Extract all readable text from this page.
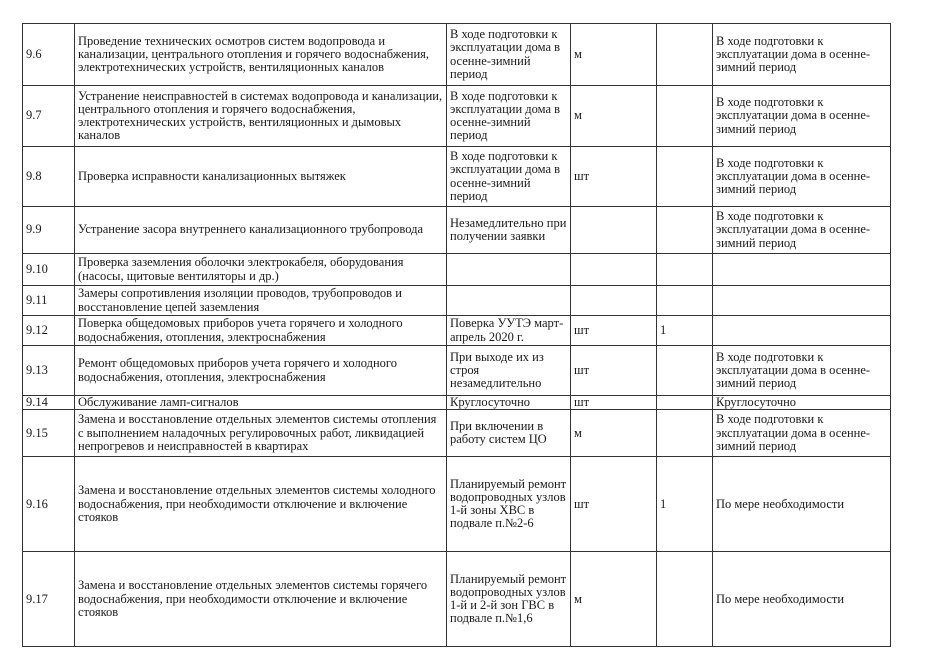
9.6	Проведение технических осмотров систем водопровода и канализации, центрального отопления и горячего водоснабжения, электротехнических устройств, вентиляционных каналов	В ходе подготовки к эксплуатации дома в осенне-зимний период	м		В ходе подготовки к эксплуатации дома в осенне-зимний период
9.7	Устранение неисправностей в системах водопровода и канализации, центрального отопления и горячего водоснабжения, электротехнических устройств, вентиляционных и дымовых каналов	В ходе подготовки к эксплуатации дома в осенне-зимний период	м		В ходе подготовки к эксплуатации дома в осенне-зимний период
9.8	Проверка исправности канализационных вытяжек	В ходе подготовки к эксплуатации дома в осенне-зимний период	шт		В ходе подготовки к эксплуатации дома в осенне-зимний период
9.9	Устранение засора внутреннего канализационного трубопровода	Незамедлительно при получении заявки			В ходе подготовки к эксплуатации дома в осенне-зимний период
9.10	Проверка заземления оболочки электрокабеля, оборудования (насосы, щитовые вентиляторы и др.)				
9.11	Замеры сопротивления изоляции проводов, трубопроводов и восстановление цепей заземления				
9.12	Поверка общедомовых приборов учета горячего и холодного водоснабжения, отопления, электроснабжения	Поверка УУТЭ март-апрель 2020 г.	шт	1	
9.13	Ремонт общедомовых приборов учета горячего и холодного водоснабжения, отопления, электроснабжения	При выходе их из строя незамедлительно	шт		В ходе подготовки к эксплуатации дома в осенне-зимний период
9.14	Обслуживание ламп-сигналов	Круглосуточно	шт		Круглосуточно
9.15	Замена и восстановление отдельных элементов системы отопления с выполнением наладочных регулировочных работ, ликвидацией непрогревов и неисправностей в квартирах	При включении в работу систем ЦО	м		В ходе подготовки к эксплуатации дома в осенне-зимний период
9.16	Замена и восстановление отдельных элементов системы холодного водоснабжения, при необходимости отключение и включение стояков	Планируемый ремонт водопроводных узлов 1-й зоны ХВС в подвале п.№2-6	шт	1	По мере необходимости
9.17	Замена и восстановление отдельных элементов системы горячего водоснабжения, при необходимости отключение и включение стояков	Планируемый ремонт водопроводных узлов 1-й и 2-й зон ГВС в подвале п.№1,6	м		По мере необходимости
